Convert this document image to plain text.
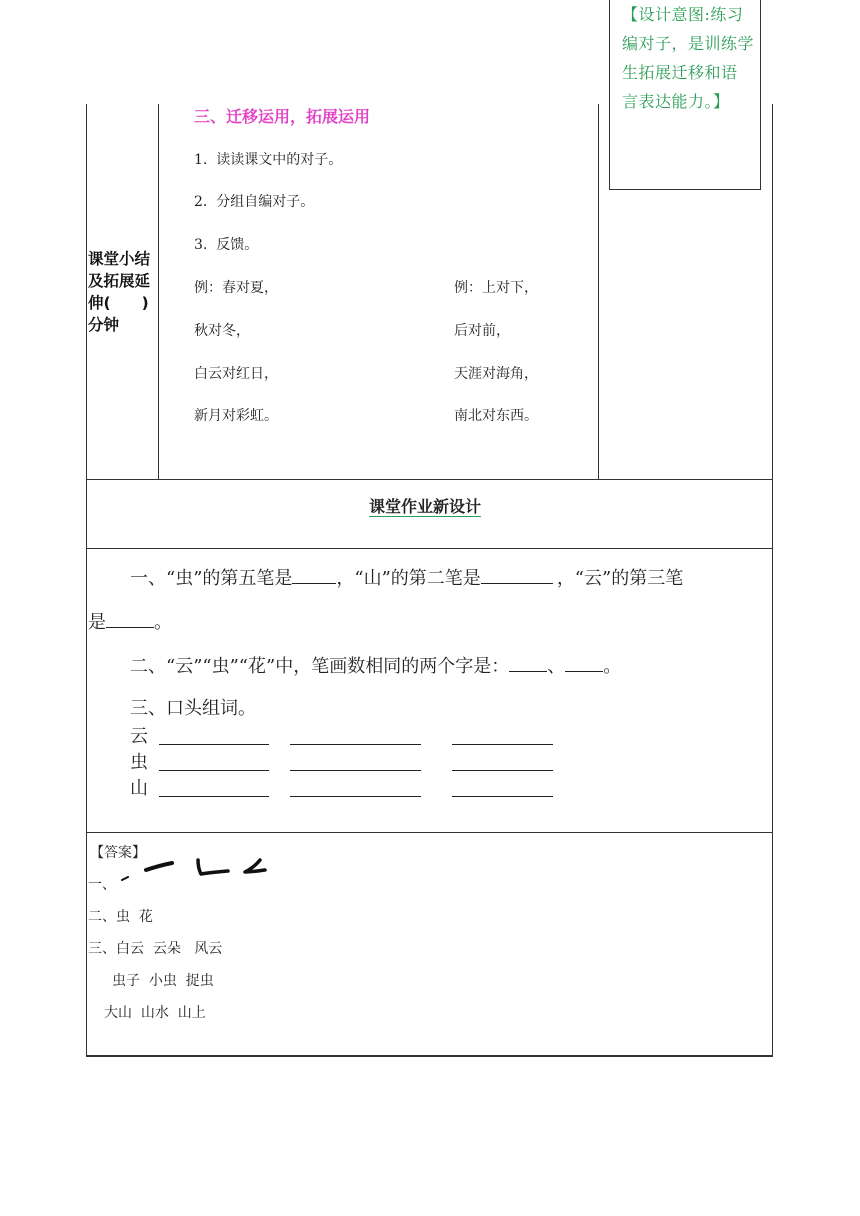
【设计意图:练习
编对子，是训练学
生拓展迁移和语
言表达能力。】
课堂小结
及拓展延
伸(　　)
分钟
三、迁移运用，拓展运用
1.  读读课文中的对子。
2.  分组自编对子。
3.  反馈。
例：春对夏，
秋对冬，
白云对红日，
新月对彩虹。
例：上对下，
后对前，
天涯对海角，
南北对东西。
课堂作业新设计
一、“虫”的第五笔是 ，“山”的第二笔是	，“云”的第三笔
是	。
二、“云”“虫”“花”中，笔画数相同的两个字是： 、 。
三、口头组词。
云
虫
山
【答案】
一、
二、虫  花
三、白云  云朵   风云
虫子  小虫  捉虫
大山  山水  山上
